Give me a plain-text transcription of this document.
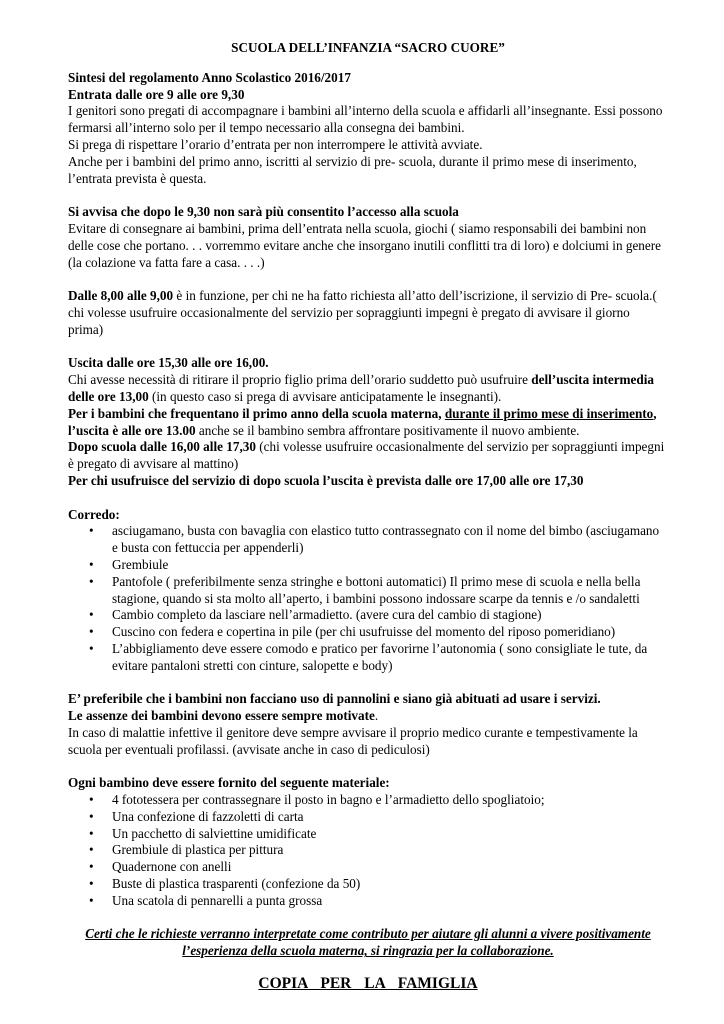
SCUOLA DELL’INFANZIA “SACRO CUORE”

Sintesi del regolamento Anno Scolastico 2016/2017

Entrata dalle ore 9 alle ore 9,30

I genitori sono pregati di accompagnare i bambini all’interno della scuola e affidarli all’insegnante. Essi possono fermarsi all’interno solo per il tempo necessario alla consegna dei bambini.

Si prega di rispettare l’orario d’entrata per non interrompere le attività avviate.

Anche per i bambini del primo anno, iscritti al servizio di pre- scuola, durante il primo mese di inserimento, l’entrata prevista è questa.

Si avvisa che dopo le 9,30 non sarà più consentito l’accesso alla scuola

Evitare di consegnare ai bambini, prima dell’entrata nella scuola, giochi ( siamo responsabili dei bambini non delle cose che portano. . . vorremmo evitare anche che insorgano inutili conflitti tra di loro) e dolciumi in genere (la colazione va fatta fare a casa. . . .)

Dalle 8,00 alle 9,00 è in funzione, per chi ne ha fatto richiesta all’atto dell’iscrizione, il servizio di Pre- scuola.( chi volesse usufruire occasionalmente del servizio per sopraggiunti impegni è pregato di avvisare il giorno prima)

Uscita dalle ore 15,30 alle ore 16,00.

Chi avesse necessità di ritirare il proprio figlio prima dell’orario suddetto può usufruire dell’uscita intermedia delle ore 13,00 (in questo caso si prega di avvisare anticipatamente le insegnanti).

Per i bambini che frequentano il primo anno della scuola materna, durante il primo mese di inserimento, l’uscita è alle ore 13.00 anche se il bambino sembra affrontare positivamente il nuovo ambiente.

Dopo scuola dalle 16,00 alle 17,30 (chi volesse usufruire occasionalmente del servizio per sopraggiunti impegni è pregato di avvisare al mattino)

Per chi usufruisce del servizio di dopo scuola l’uscita è prevista dalle ore 17,00 alle ore 17,30

Corredo:

• asciugamano, busta con bavaglia con elastico tutto contrassegnato con il nome del bimbo (asciugamano e busta con fettuccia per appenderli)
• Grembiule
• Pantofole ( preferibilmente senza stringhe e bottoni automatici) Il primo mese di scuola e nella bella stagione, quando si sta molto all’aperto, i bambini possono indossare scarpe da tennis e /o sandaletti
• Cambio completo da lasciare nell’armadietto. (avere cura del cambio di stagione)
• Cuscino con federa e copertina in pile (per chi usufruisse del momento del riposo pomeridiano)
• L’abbigliamento deve essere comodo e pratico per favorirne l’autonomia ( sono consigliate le tute, da evitare pantaloni stretti con cinture, salopette e body)

E’ preferibile che i bambini non facciano uso di pannolini e siano già abituati ad usare i servizi.

Le assenze dei bambini devono essere sempre motivate.

In caso di malattie infettive il genitore deve sempre avvisare il proprio medico curante e tempestivamente la scuola per eventuali profilassi. (avvisate anche in caso di pediculosi)

Ogni bambino deve essere fornito del seguente materiale:

• 4 fototessera per contrassegnare il posto in bagno e l’armadietto dello spogliatoio;
• Una confezione di fazzoletti di carta
• Un pacchetto di salviettine umidificate
• Grembiule di plastica per pittura
• Quadernone con anelli
• Buste di plastica trasparenti (confezione da 50)
• Una scatola di pennarelli a punta grossa

Certi che le richieste verranno interpretate come contributo per aiutare gli alunni a vivere positivamente

l’esperienza della scuola materna, si ringrazia per la collaborazione.

COPIA PER LA FAMIGLIA
